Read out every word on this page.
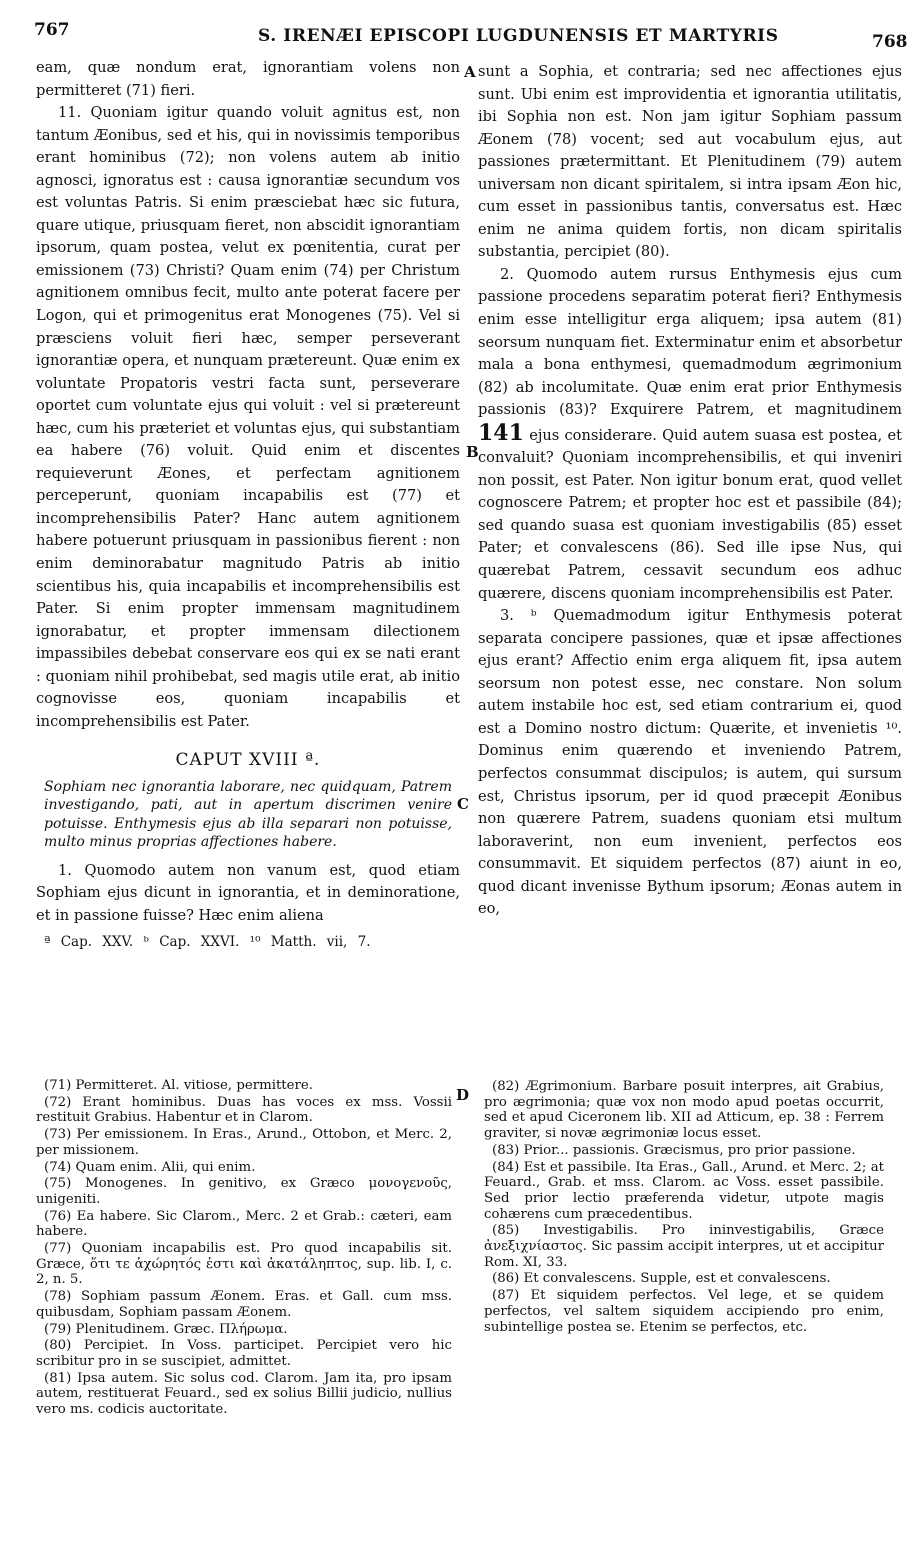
767	S. IRENÆI EPISCOPI LUGDUNENSIS ET MARTYRIS	768
A
B
C
D

eam, quæ nondum erat, ignorantiam volens non permitteret (71) fieri.

11. Quoniam igitur quando voluit agnitus est, non tantum Æonibus, sed et his, qui in novissimis temporibus erant hominibus (72); non volens autem ab initio agnosci, ignoratus est : causa ignorantiæ secundum vos est voluntas Patris. Si enim præsciebat hæc sic futura, quare utique, priusquam fieret, non abscidit ignorantiam ipsorum, quam postea, velut ex pœnitentia, curat per emissionem (73) Christi? Quam enim (74) per Christum agnitionem omnibus fecit, multo ante poterat facere per Logon, qui et primogenitus erat Monogenes (75). Vel si præsciens voluit fieri hæc, semper perseverant ignorantiæ opera, et nunquam prætereunt. Quæ enim ex voluntate Propatoris vestri facta sunt, perseverare oportet cum voluntate ejus qui voluit : vel si prætereunt hæc, cum his præteriet et voluntas ejus, qui substantiam ea habere (76) voluit. Quid enim et discentes requieverunt Æones, et perfectam agnitionem perceperunt, quoniam incapabilis est (77) et incomprehensibilis Pater? Hanc autem agnitionem habere potuerunt priusquam in passionibus fierent : non enim deminorabatur magnitudo Patris ab initio scientibus his, quia incapabilis et incomprehensibilis est Pater. Si enim propter immensam magnitudinem ignorabatur, et propter immensam dilectionem impassibiles debebat conservare eos qui ex se nati erant : quoniam nihil prohibebat, sed magis utile erat, ab initio cognovisse eos, quoniam incapabilis et incomprehensibilis est Pater.

CAPUT XVIII ª.

Sophiam nec ignorantia laborare, nec quidquam, Patrem investigando, pati, aut in apertum discrimen venire potuisse. Enthymesis ejus ab illa separari non potuisse, multo minus proprias affectiones habere.

1. Quomodo autem non vanum est, quod etiam Sophiam ejus dicunt in ignorantia, et in deminoratione, et in passione fuisse? Hæc enim aliena

ª Cap. XXV. ᵇ Cap. XXVI. ¹⁰ Matth. vii, 7.

sunt a Sophia, et contraria; sed nec affectiones ejus sunt. Ubi enim est improvidentia et ignorantia utilitatis, ibi Sophia non est. Non jam igitur Sophiam passum Æonem (78) vocent; sed aut vocabulum ejus, aut passiones prætermittant. Et Plenitudinem (79) autem universam non dicant spiritalem, si intra ipsam Æon hic, cum esset in passionibus tantis, conversatus est. Hæc enim ne anima quidem fortis, non dicam spiritalis substantia, percipiet (80).

2. Quomodo autem rursus Enthymesis ejus cum passione procedens separatim poterat fieri? Enthymesis enim esse intelligitur erga aliquem; ipsa autem (81) seorsum nunquam fiet. Exterminatur enim et absorbetur mala a bona enthymesi, quemadmodum ægrimonium (82) ab incolumitate. Quæ enim erat prior Enthymesis passionis (83)? Exquirere Patrem, et magnitudinem 141 ejus considerare. Quid autem suasa est postea, et convaluit? Quoniam incomprehensibilis, et qui inveniri non possit, est Pater. Non igitur bonum erat, quod vellet cognoscere Patrem; et propter hoc est et passibile (84); sed quando suasa est quoniam investigabilis (85) esset Pater; et convalescens (86). Sed ille ipse Nus, qui quærebat Patrem, cessavit secundum eos adhuc quærere, discens quoniam incomprehensibilis est Pater.

3. ᵇ Quemadmodum igitur Enthymesis poterat separata concipere passiones, quæ et ipsæ affectiones ejus erant? Affectio enim erga aliquem fit, ipsa autem seorsum non potest esse, nec constare. Non solum autem instabile hoc est, sed etiam contrarium ei, quod est a Domino nostro dictum: Quærite, et invenietis ¹⁰. Dominus enim quærendo et inveniendo Patrem, perfectos consummat discipulos; is autem, qui sursum est, Christus ipsorum, per id quod præcepit Æonibus non quærere Patrem, suadens quoniam etsi multum laboraverint, non eum invenient, perfectos eos consummavit. Et siquidem perfectos (87) aiunt in eo, quod dicant invenisse Bythum ipsorum; Æonas autem in eo,

(71) Permitteret. Al. vitiose, permittere.

(72) Erant hominibus. Duas has voces ex mss. Vossii restituit Grabius. Habentur et in Clarom.

(73) Per emissionem. In Eras., Arund., Ottobon, et Merc. 2, per missionem.

(74) Quam enim. Alii, qui enim.

(75) Monogenes. In genitivo, ex Græco μονογενοῦς, unigeniti.

(76) Ea habere. Sic Clarom., Merc. 2 et Grab.: cæteri, eam habere.

(77) Quoniam incapabilis est. Pro quod incapabilis sit. Græce, ὅτι τε ἀχώρητός ἐστι καὶ ἀκατάληπτος, sup. lib. I, c. 2, n. 5.

(78) Sophiam passum Æonem. Eras. et Gall. cum mss. quibusdam, Sophiam passam Æonem.

(79) Plenitudinem. Græc. Πλήρωμα.

(80) Percipiet. In Voss. participet. Percipiet vero hic scribitur pro in se suscipiet, admittet.

(81) Ipsa autem. Sic solus cod. Clarom. Jam ita, pro ipsam autem, restituerat Feuard., sed ex solius Billii judicio, nullius vero ms. codicis auctoritate.

(82) Ægrimonium. Barbare posuit interpres, ait Grabius, pro ægrimonia; quæ vox non modo apud poetas occurrit, sed et apud Ciceronem lib. XII ad Atticum, ep. 38 : Ferrem graviter, si novæ ægrimoniæ locus esset.

(83) Prior... passionis. Græcismus, pro prior passione.

(84) Est et passibile. Ita Eras., Gall., Arund. et Merc. 2; at Feuard., Grab. et mss. Clarom. ac Voss. esset passibile. Sed prior lectio præferenda videtur, utpote magis cohærens cum præcedentibus.

(85) Investigabilis. Pro ininvestigabilis, Græce ἀνεξιχνίαστος. Sic passim accipit interpres, ut et accipitur Rom. XI, 33.

(86) Et convalescens. Supple, est et convalescens.

(87) Et siquidem perfectos. Vel lege, et se quidem perfectos, vel saltem siquidem accipiendo pro enim, subintellige postea se. Etenim se perfectos, etc.
